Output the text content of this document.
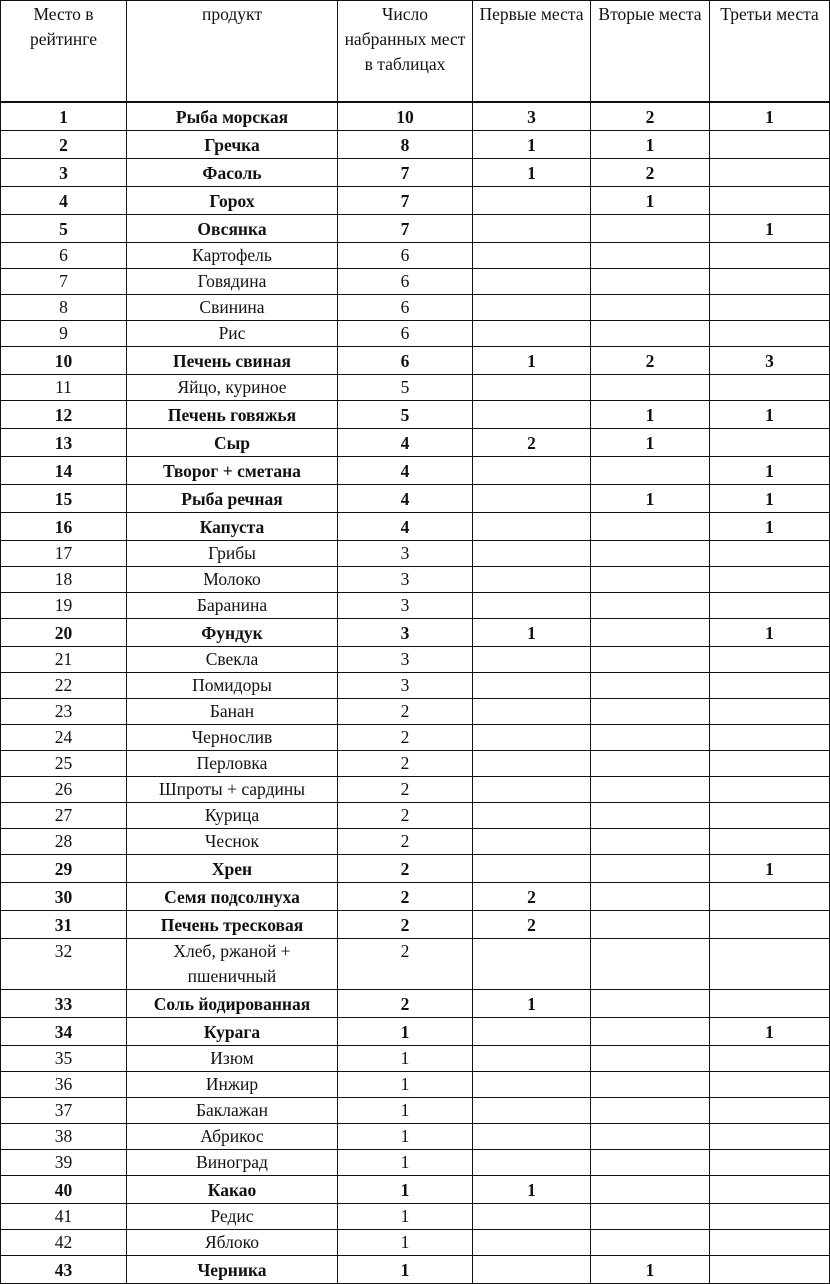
Место в рейтинге	продукт	Число набранных мест в таблицах	Первые места	Вторые места	Третьи места
1	Рыба морская	10	3	2	1
2	Гречка	8	1	1	
3	Фасоль	7	1	2	
4	Горох	7		1	
5	Овсянка	7			1
6	Картофель	6			
7	Говядина	6			
8	Свинина	6			
9	Рис	6			
10	Печень свиная	6	1	2	3
11	Яйцо, куриное	5			
12	Печень говяжья	5		1	1
13	Сыр	4	2	1	
14	Творог + сметана	4			1
15	Рыба речная	4		1	1
16	Капуста	4			1
17	Грибы	3			
18	Молоко	3			
19	Баранина	3			
20	Фундук	3	1		1
21	Свекла	3			
22	Помидоры	3			
23	Банан	2			
24	Чернослив	2			
25	Перловка	2			
26	Шпроты + сардины	2			
27	Курица	2			
28	Чеснок	2			
29	Хрен	2			1
30	Семя подсолнуха	2	2		
31	Печень тресковая	2	2		
32	Хлеб, ржаной + пшеничный	2			
33	Соль йодированная	2	1		
34	Курага	1			1
35	Изюм	1			
36	Инжир	1			
37	Баклажан	1			
38	Абрикос	1			
39	Виноград	1			
40	Какао	1	1		
41	Редис	1			
42	Яблоко	1			
43	Черника	1		1	
